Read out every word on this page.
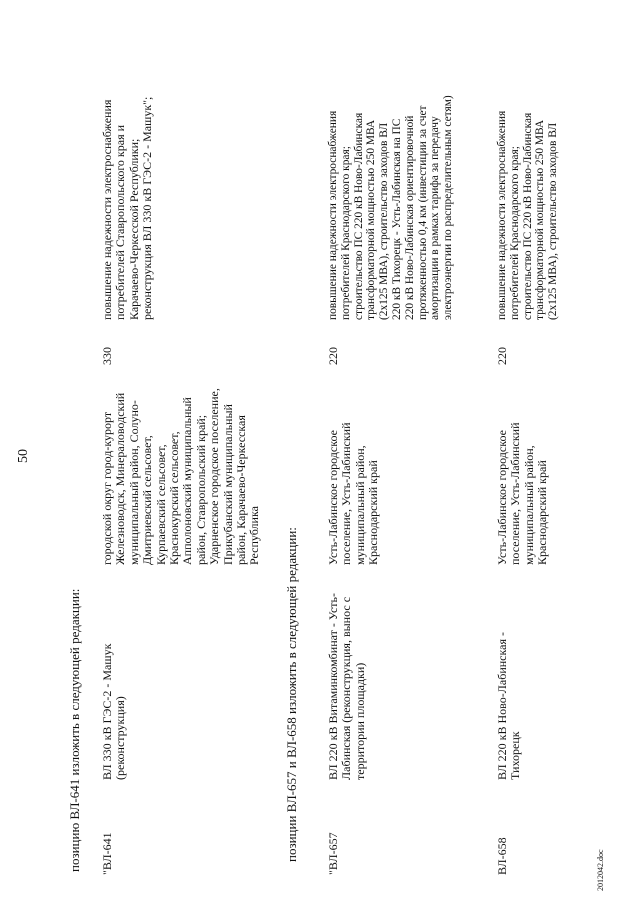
50
позицию ВЛ-641 изложить в следующей редакции: "ВЛ-641
ВЛ 330 кВ ГЭС-2 - Машук
(реконструкция)
городской округ город-курорт
Железноводск, Минераловодский
муниципальный район, Солуно-
Дмитриевский сельсовет,
Курпаевский сельсовет,
Краснокурский сельсовет,
Апполоновский муниципальный
район, Ставропольский край;
Ударненское городское поселение,
Прикубанский муниципальный
район, Карачаево-Черкесская
Республика
330
повышение надежности электроснабжения
потребителей Ставропольского края и
Карачаево-Черкесской Республики;
реконструкция ВЛ 330 кВ ГЭС-2 - Машук";
позиции ВЛ-657 и ВЛ-658 изложить в следующей редакции: "ВЛ-657
ВЛ 220 кВ Витаминкомбинат - Усть-
Лабинская (реконструкция, вынос с
территории площадки)
Усть-Лабинское городское
поселение, Усть-Лабинский
муниципальный район,
Краснодарский край
220
повышение надежности электроснабжения
потребителей Краснодарского края;
строительство ПС 220 кВ Ново-Лабинская
трансформаторной мощностью 250 МВА
(2х125 МВА), строительство заходов ВЛ
220 кВ Тихорецк - Усть-Лабинская на ПС
220 кВ Ново-Лабинская ориентировочной
протяженностью 0,4 км (инвестиции за счет
амортизации в рамках тарифа за передачу
электроэнергии по распределительным сетям)
ВЛ-658
ВЛ 220 кВ Ново-Лабинская -
Тихорецк
Усть-Лабинское городское
поселение, Усть-Лабинский
муниципальный район,
Краснодарский край
220
повышение надежности электроснабжения
потребителей Краснодарского края;
строительство ПС 220 кВ Ново-Лабинская
трансформаторной мощностью 250 МВА
(2х125 МВА), строительство заходов ВЛ
2012042.doc
